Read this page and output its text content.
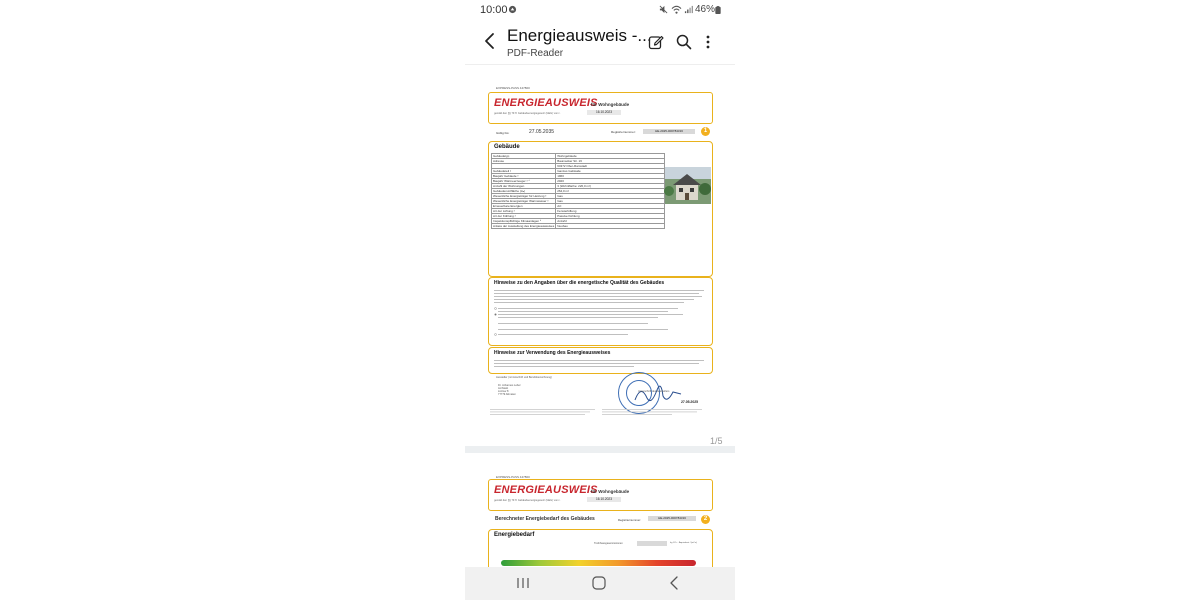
10:00	46%
Energieausweis -...
PDF-Reader
EXPRESS-PASS 447800
ENERGIEAUSWEIS
für Wohngebäude
gemäß den §§ 79 ff. Gebäudeenergiegesetz (GEG) vom ¹	16.10.2023
Gültig bis:	27.05.2035	Registriernummer:	HE-2025-000784316	1
Gebäude
Gebäudetyp	Wohngebäude
Adresse	Baumacker Str. 16
	64372 Ober-Ramstadt
Gebäudeteil ²	Ganzes Gebäude
Baujahr Gebäude ³	1960
Baujahr Wärmeerzeuger ³ ⁴	2020
Anzahl der Wohnungen	3 (Wohnfläche: 220,0 m²)
Gebäudenutzfläche (Aₙ)	264,0 m²
Wesentliche Energieträger für Heizung ³	Gas
Wesentliche Energieträger Warmwasser ³	Gas
Erneuerbare Energien	Art:
Art der Lüftung ³	Fensterlüftung
Art der Kühlung ³	Passive Kühlung
Inspektionspflichtige Klimaanlagen ⁵	Anzahl:
Anlass der Ausstellung des Energieausweises	Neubau
Hinweise zu den Angaben über die energetische Qualität des Gebäudes
Hinweise zur Verwendung des Energieausweises
Aussteller (mit Anschrift und Berufsbezeichnung)
Dr. Johannes Leber
Architekt
Lützow 8
77779 Allmaten
Unterschrift des Ausstellers
27.05.2025
EXPRESS-PASS 447800
ENERGIEAUSWEIS
für Wohngebäude
gemäß den §§ 79 ff. Gebäudeenergiegesetz (GEG) vom ¹	16.10.2023
Berechneter Energiebedarf des Gebäudes	Registriernummer:	HE-2025-000784316	2
Energiebedarf
Treibhausgasemissionen	kg CO₂ - Äquivalent / (m²·a)
1/5
